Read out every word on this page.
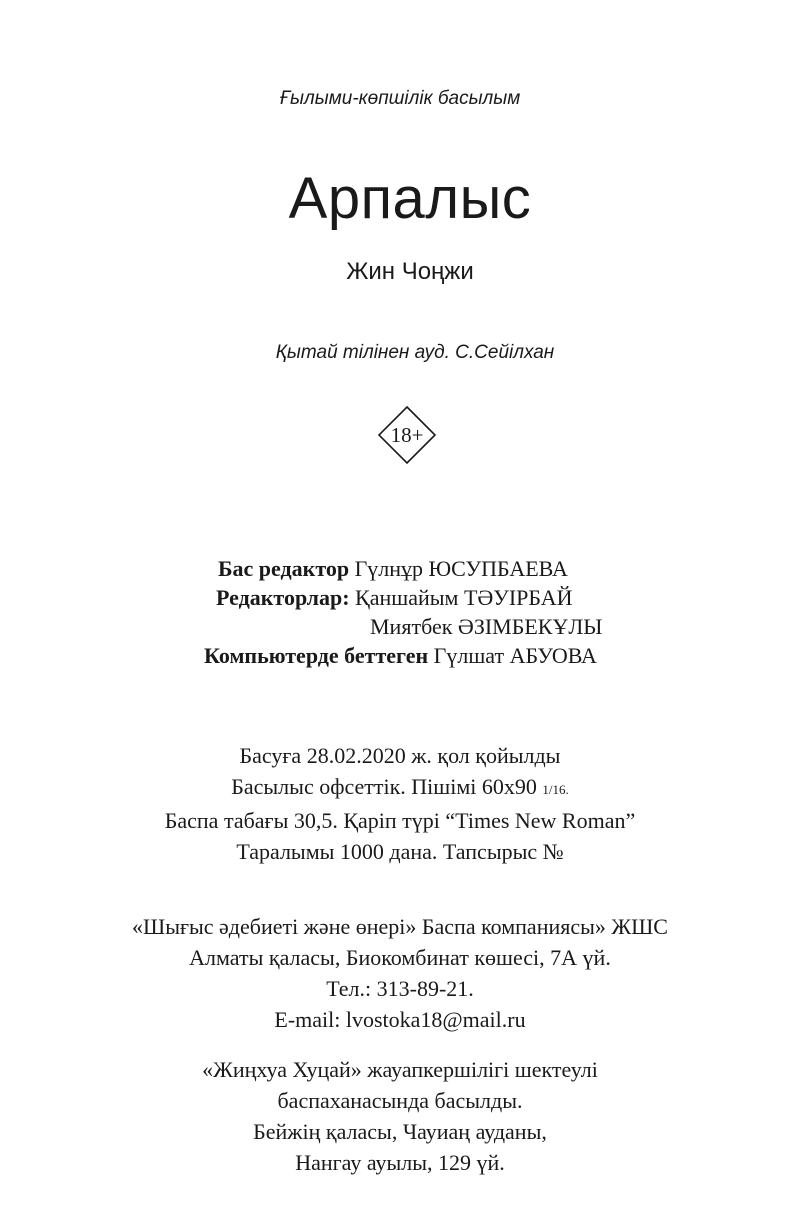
Ғылыми-көпшілік басылым
Арпалыс
Жин Чоңжи
Қытай тілінен ауд. С.Сейілхан
18+
Бас редактор Гүлнұр ЮСУПБАЕВА
Редакторлар: Қаншайым ТӘУІРБАЙ
Миятбек ӘЗІМБЕКҰЛЫ
Компьютерде беттеген Гүлшат АБУОВА
Басуға 28.02.2020 ж. қол қойылды
Басылыс офсеттік. Пішімі 60х90 1/16.
Баспа табағы 30,5. Қаріп түрі “Times New Roman”
Таралымы 1000 дана. Тапсырыс №
«Шығыс әдебиеті және өнері» Баспа компаниясы» ЖШС
Алматы қаласы, Биокомбинат көшесі, 7А үй.
Тел.: 313-89-21.
E-mail: lvostoka18@mail.ru
«Жиңхуа Хуцай» жауапкершілігі шектеулі
баспаханасында басылды.
Бейжің қаласы, Чауиаң ауданы,
Нангау ауылы, 129 үй.
